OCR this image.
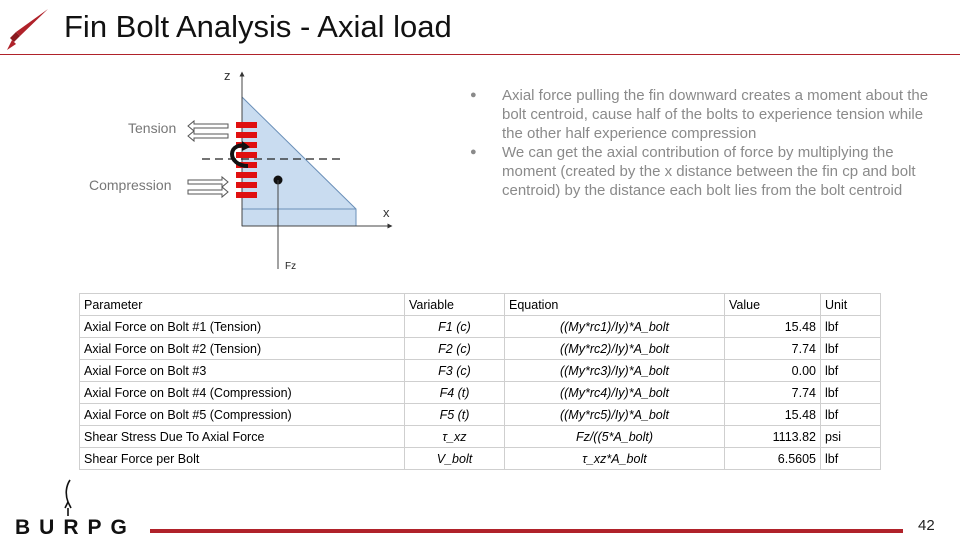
Fin Bolt Analysis - Axial load
z
x
Fz
Tension
Compression
● Axial force pulling the fin downward creates a moment about the bolt centroid, cause half of the bolts to experience tension while the other half experience compression
● We can get the axial contribution of force by multiplying the moment (created by the x distance between the fin cp and bolt centroid) by the distance each bolt lies from the bolt centroid
Parameter	Variable	Equation	Value	Unit
Axial Force on Bolt #1 (Tension)	F1 (c)	((My*rc1)/Iy)*A_bolt	15.48	lbf
Axial Force on Bolt #2 (Tension)	F2 (c)	((My*rc2)/Iy)*A_bolt	7.74	lbf
Axial Force on Bolt #3	F3 (c)	((My*rc3)/Iy)*A_bolt	0.00	lbf
Axial Force on Bolt #4 (Compression)	F4 (t)	((My*rc4)/Iy)*A_bolt	7.74	lbf
Axial Force on Bolt #5 (Compression)	F5 (t)	((My*rc5)/Iy)*A_bolt	15.48	lbf
Shear Stress Due To Axial Force	τ_xz	Fz/((5*A_bolt)	1113.82	psi
Shear Force per Bolt	V_bolt	τ_xz*A_bolt	6.5605	lbf
BURPG	42
